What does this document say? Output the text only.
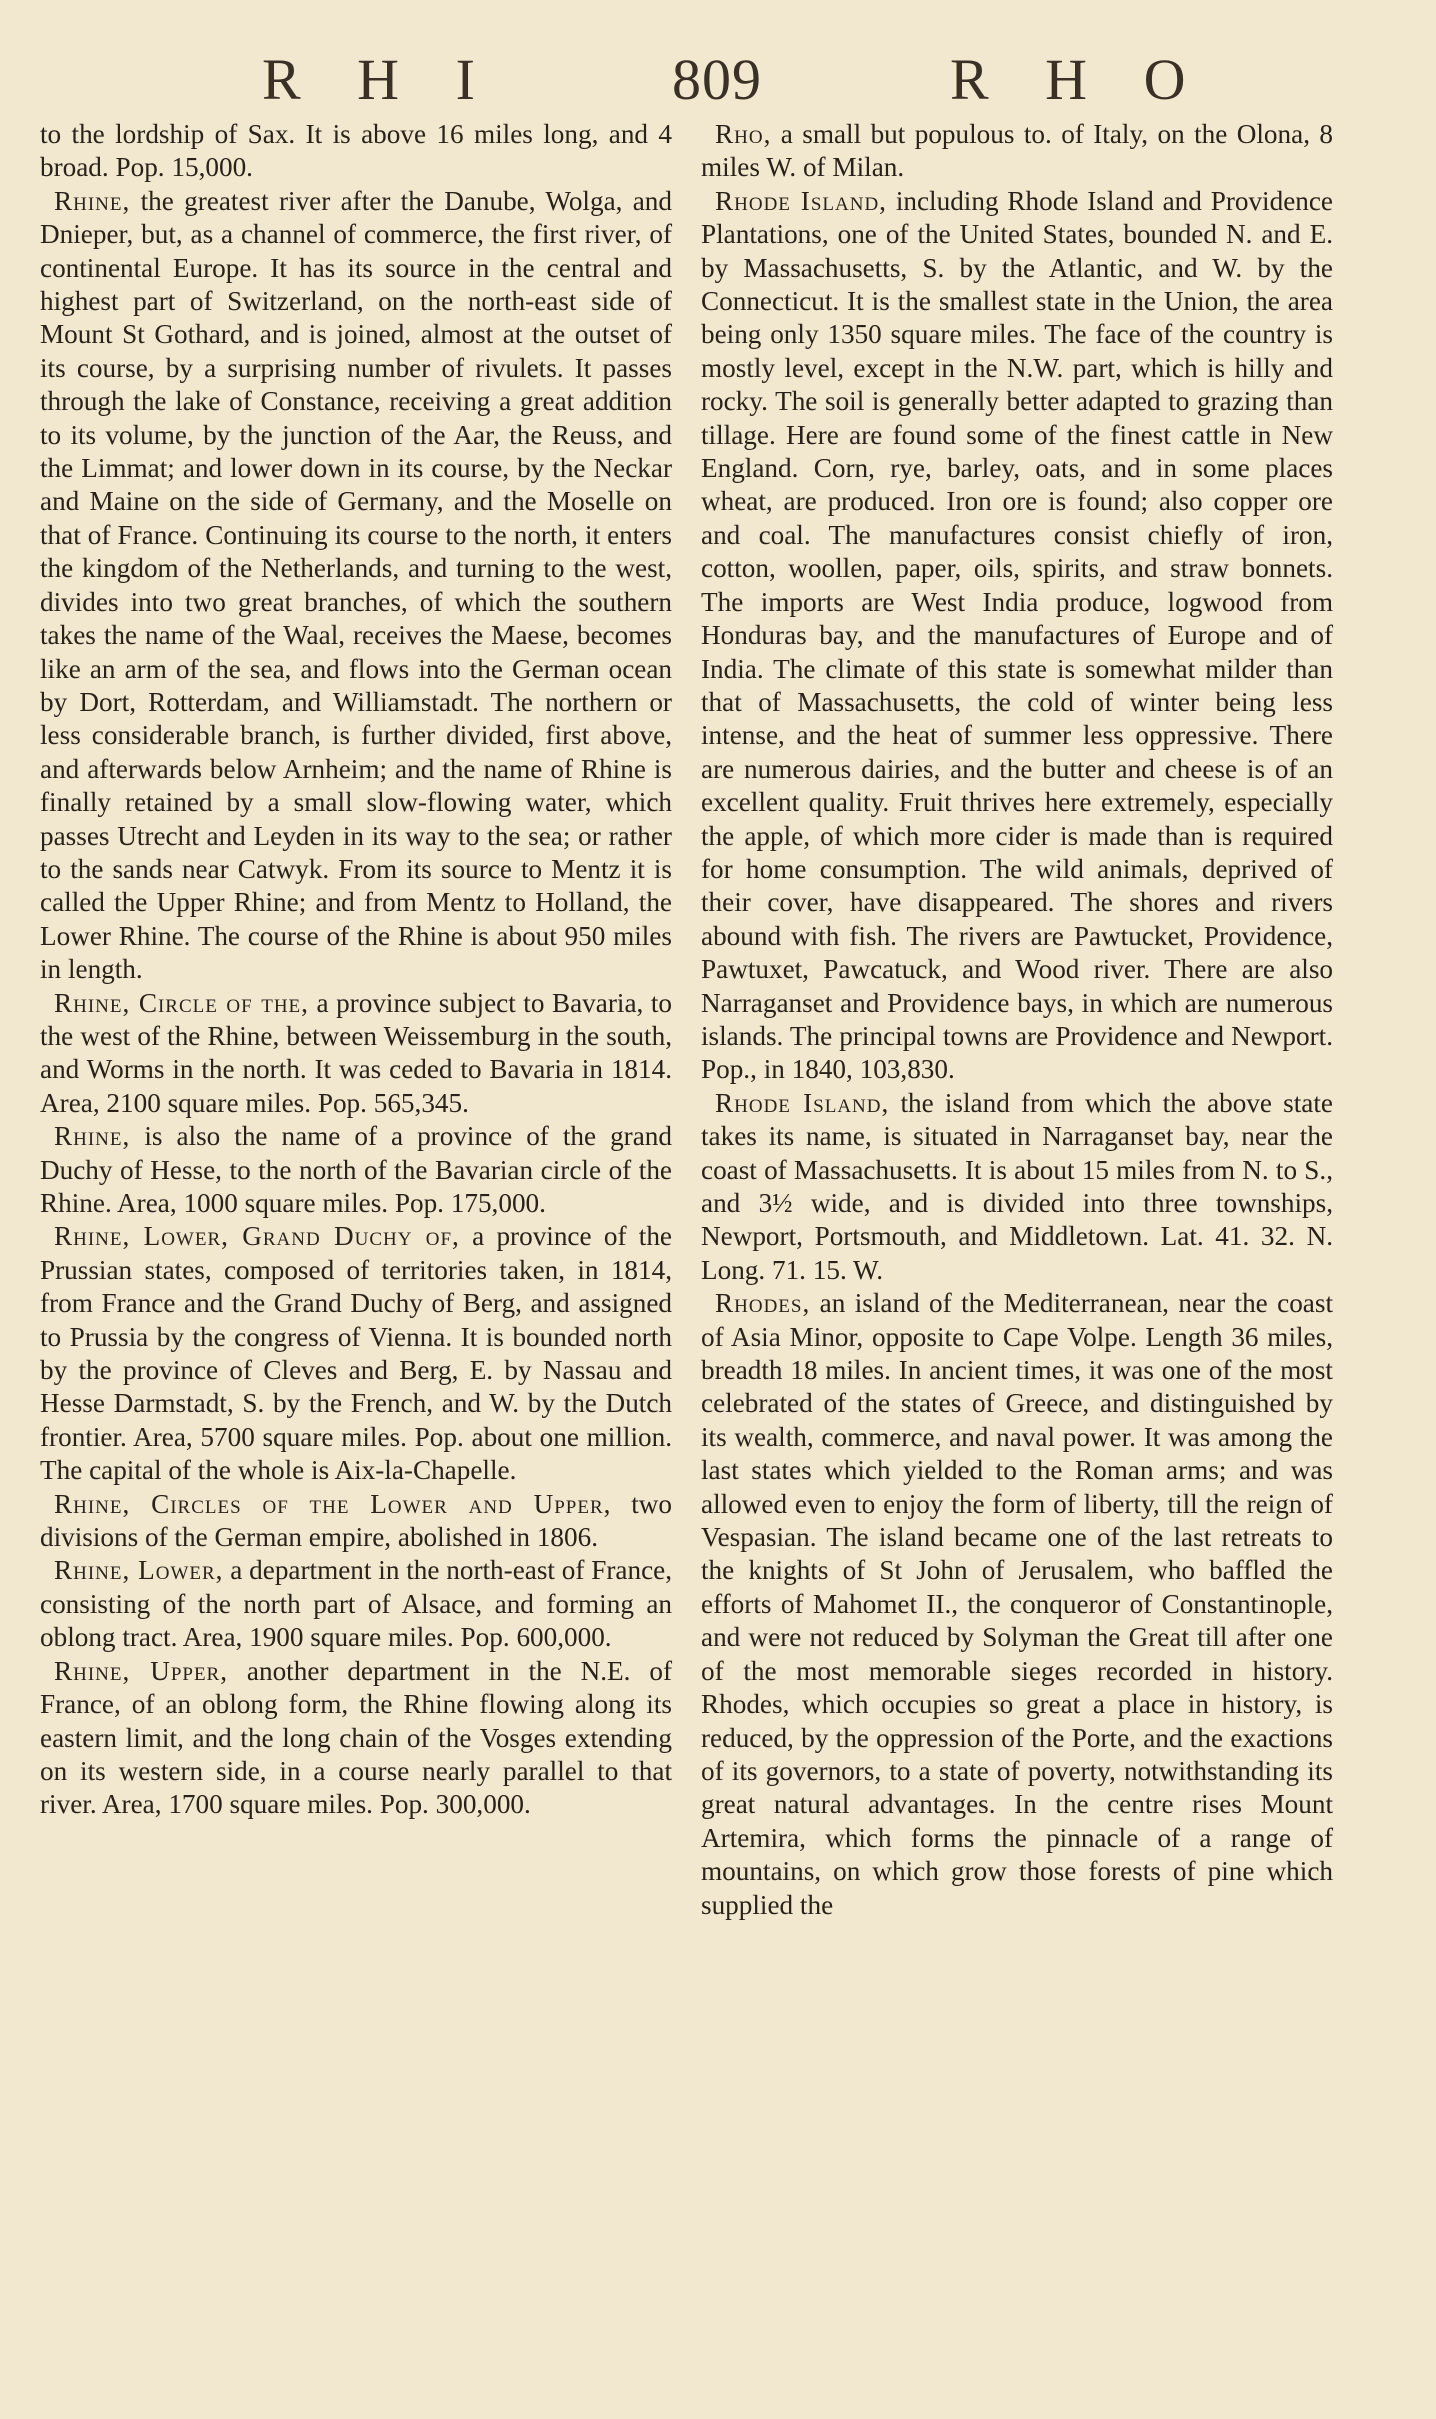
R H I	809	R H O

to the lordship of Sax. It is above 16 miles long, and 4 broad. Pop. 15,000.

Rhine, the greatest river after the Danube, Wolga, and Dnieper, but, as a channel of commerce, the first river, of continental Europe. It has its source in the central and highest part of Switzerland, on the north-east side of Mount St Gothard, and is joined, almost at the outset of its course, by a surprising number of rivulets. It passes through the lake of Constance, receiving a great addition to its volume, by the junction of the Aar, the Reuss, and the Limmat; and lower down in its course, by the Neckar and Maine on the side of Germany, and the Moselle on that of France. Continuing its course to the north, it enters the kingdom of the Netherlands, and turning to the west, divides into two great branches, of which the southern takes the name of the Waal, receives the Maese, becomes like an arm of the sea, and flows into the German ocean by Dort, Rotterdam, and Williamstadt. The northern or less considerable branch, is further divided, first above, and afterwards below Arnheim; and the name of Rhine is finally retained by a small slow-flowing water, which passes Utrecht and Leyden in its way to the sea; or rather to the sands near Catwyk. From its source to Mentz it is called the Upper Rhine; and from Mentz to Holland, the Lower Rhine. The course of the Rhine is about 950 miles in length.

Rhine, Circle of the, a province subject to Bavaria, to the west of the Rhine, between Weissemburg in the south, and Worms in the north. It was ceded to Bavaria in 1814. Area, 2100 square miles. Pop. 565,345.

Rhine, is also the name of a province of the grand Duchy of Hesse, to the north of the Bavarian circle of the Rhine. Area, 1000 square miles. Pop. 175,000.

Rhine, Lower, Grand Duchy of, a province of the Prussian states, composed of territories taken, in 1814, from France and the Grand Duchy of Berg, and assigned to Prussia by the congress of Vienna. It is bounded north by the province of Cleves and Berg, E. by Nassau and Hesse Darmstadt, S. by the French, and W. by the Dutch frontier. Area, 5700 square miles. Pop. about one million. The capital of the whole is Aix-la-Chapelle.

Rhine, Circles of the Lower and Upper, two divisions of the German empire, abolished in 1806.

Rhine, Lower, a department in the north-east of France, consisting of the north part of Alsace, and forming an oblong tract. Area, 1900 square miles. Pop. 600,000.

Rhine, Upper, another department in the N.E. of France, of an oblong form, the Rhine flowing along its eastern limit, and the long chain of the Vosges extending on its western side, in a course nearly parallel to that river. Area, 1700 square miles. Pop. 300,000.

Rho, a small but populous to. of Italy, on the Olona, 8 miles W. of Milan.

Rhode Island, including Rhode Island and Providence Plantations, one of the United States, bounded N. and E. by Massachusetts, S. by the Atlantic, and W. by the Connecticut. It is the smallest state in the Union, the area being only 1350 square miles. The face of the country is mostly level, except in the N.W. part, which is hilly and rocky. The soil is generally better adapted to grazing than tillage. Here are found some of the finest cattle in New England. Corn, rye, barley, oats, and in some places wheat, are produced. Iron ore is found; also copper ore and coal. The manufactures consist chiefly of iron, cotton, woollen, paper, oils, spirits, and straw bonnets. The imports are West India produce, logwood from Honduras bay, and the manufactures of Europe and of India. The climate of this state is somewhat milder than that of Massachusetts, the cold of winter being less intense, and the heat of summer less oppressive. There are numerous dairies, and the butter and cheese is of an excellent quality. Fruit thrives here extremely, especially the apple, of which more cider is made than is required for home consumption. The wild animals, deprived of their cover, have disappeared. The shores and rivers abound with fish. The rivers are Pawtucket, Providence, Pawtuxet, Pawcatuck, and Wood river. There are also Narraganset and Providence bays, in which are numerous islands. The principal towns are Providence and Newport. Pop., in 1840, 103,830.

Rhode Island, the island from which the above state takes its name, is situated in Narraganset bay, near the coast of Massachusetts. It is about 15 miles from N. to S., and 3½ wide, and is divided into three townships, Newport, Portsmouth, and Middletown. Lat. 41. 32. N. Long. 71. 15. W.

Rhodes, an island of the Mediterranean, near the coast of Asia Minor, opposite to Cape Volpe. Length 36 miles, breadth 18 miles. In ancient times, it was one of the most celebrated of the states of Greece, and distinguished by its wealth, commerce, and naval power. It was among the last states which yielded to the Roman arms; and was allowed even to enjoy the form of liberty, till the reign of Vespasian. The island became one of the last retreats to the knights of St John of Jerusalem, who baffled the efforts of Mahomet II., the conqueror of Constantinople, and were not reduced by Solyman the Great till after one of the most memorable sieges recorded in history. Rhodes, which occupies so great a place in history, is reduced, by the oppression of the Porte, and the exactions of its governors, to a state of poverty, notwithstanding its great natural advantages. In the centre rises Mount Artemira, which forms the pinnacle of a range of mountains, on which grow those forests of pine which supplied the
